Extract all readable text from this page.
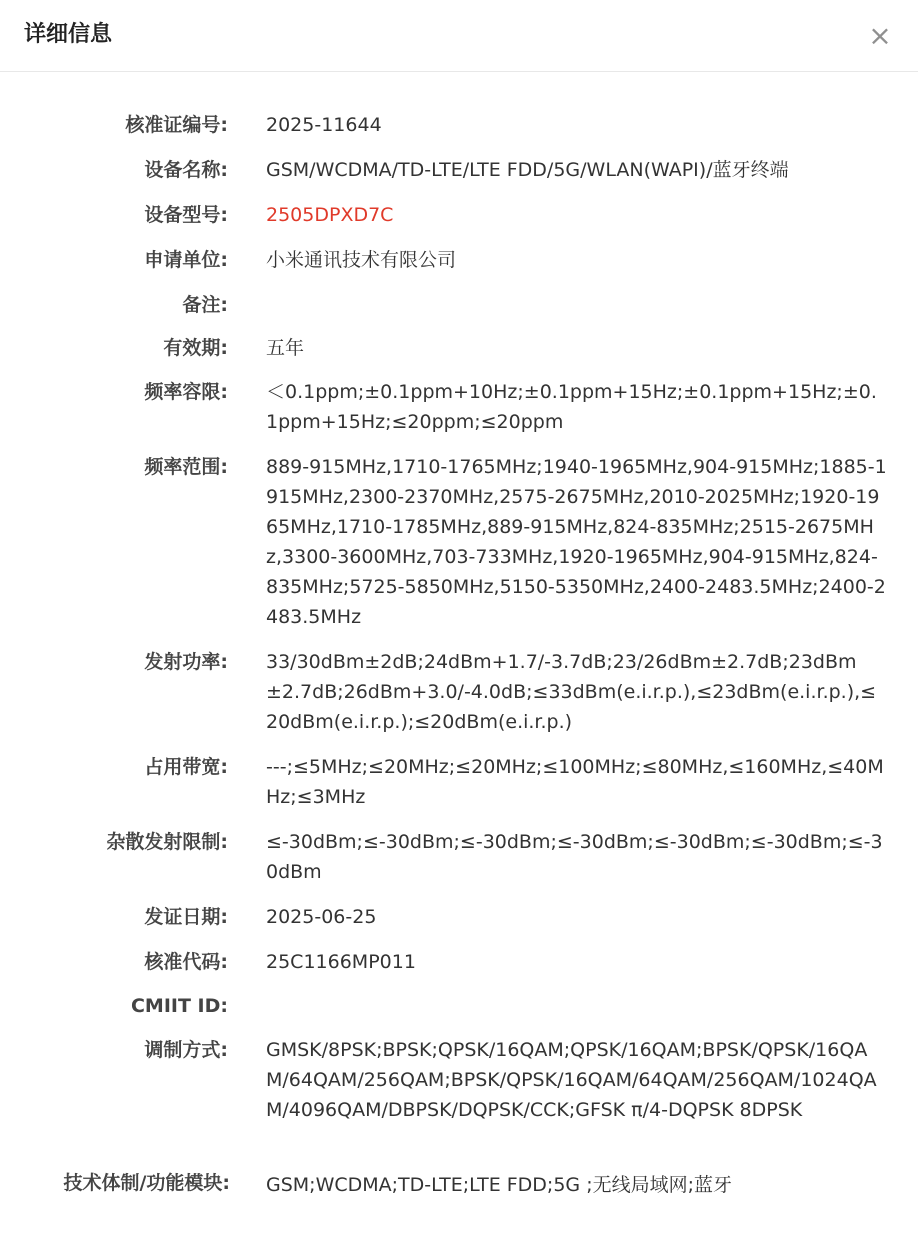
详细信息	×
核准证编号: 2025-11644
设备名称: GSM/WCDMA/TD-LTE/LTE FDD/5G/WLAN(WAPI)/蓝牙终端
设备型号: 2505DPXD7C
申请单位: 小米通讯技术有限公司
备注:
有效期: 五年
频率容限: ＜0.1ppm;±0.1ppm+10Hz;±0.1ppm+15Hz;±0.1ppm+15Hz;±0.1ppm+15Hz;≤20ppm;≤20ppm
频率范围: 889-915MHz,1710-1765MHz;1940-1965MHz,904-915MHz;1885-1915MHz,2300-2370MHz,2575-2675MHz,2010-2025MHz;1920-1965MHz,1710-1785MHz,889-915MHz,824-835MHz;2515-2675MHz,3300-3600MHz,703-733MHz,1920-1965MHz,904-915MHz,824-835MHz;5725-5850MHz,5150-5350MHz,2400-2483.5MHz;2400-2483.5MHz
发射功率: 33/30dBm±2dB;24dBm+1.7/-3.7dB;23/26dBm±2.7dB;23dBm±2.7dB;26dBm+3.0/-4.0dB;≤33dBm(e.i.r.p.),≤23dBm(e.i.r.p.),≤20dBm(e.i.r.p.);≤20dBm(e.i.r.p.)
占用带宽: ---;≤5MHz;≤20MHz;≤20MHz;≤100MHz;≤80MHz,≤160MHz,≤40MHz;≤3MHz
杂散发射限制: ≤-30dBm;≤-30dBm;≤-30dBm;≤-30dBm;≤-30dBm;≤-30dBm;≤-30dBm
发证日期: 2025-06-25
核准代码: 25C1166MP011
CMIIT ID:
调制方式: GMSK/8PSK;BPSK;QPSK/16QAM;QPSK/16QAM;BPSK/QPSK/16QAM/64QAM/256QAM;BPSK/QPSK/16QAM/64QAM/256QAM/1024QAM/4096QAM/DBPSK/DQPSK/CCK;GFSK π/4-DQPSK 8DPSK
技术体制/功能模块: GSM;WCDMA;TD-LTE;LTE FDD;5G ;无线局域网;蓝牙
